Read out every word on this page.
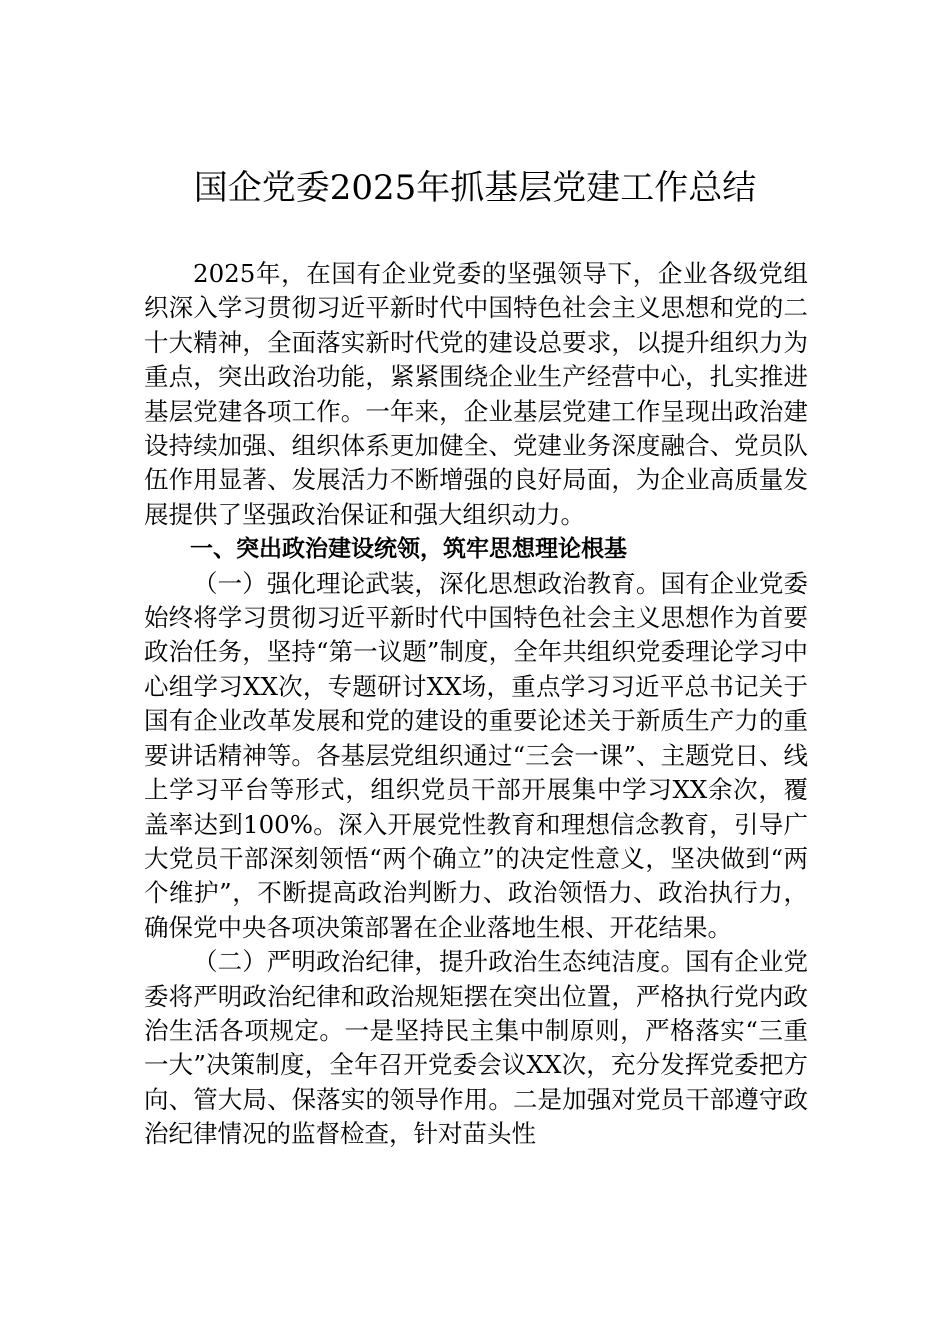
国企党委2025年抓基层党建工作总结

2025年，在国有企业党委的坚强领导下，企业各级党组织深入学习贯彻习近平新时代中国特色社会主义思想和党的二十大精神，全面落实新时代党的建设总要求，以提升组织力为重点，突出政治功能，紧紧围绕企业生产经营中心，扎实推进基层党建各项工作。一年来，企业基层党建工作呈现出政治建设持续加强、组织体系更加健全、党建业务深度融合、党员队伍作用显著、发展活力不断增强的良好局面，为企业高质量发展提供了坚强政治保证和强大组织动力。

一、突出政治建设统领，筑牢思想理论根基

（一）强化理论武装，深化思想政治教育。国有企业党委始终将学习贯彻习近平新时代中国特色社会主义思想作为首要政治任务，坚持“第一议题”制度，全年共组织党委理论学习中心组学习XX次，专题研讨XX场，重点学习习近平总书记关于国有企业改革发展和党的建设的重要论述关于新质生产力的重要讲话精神等。各基层党组织通过“三会一课”、主题党日、线上学习平台等形式，组织党员干部开展集中学习XX余次，覆盖率达到100%。深入开展党性教育和理想信念教育，引导广大党员干部深刻领悟“两个确立”的决定性意义，坚决做到“两个维护”，不断提高政治判断力、政治领悟力、政治执行力，确保党中央各项决策部署在企业落地生根、开花结果。

（二）严明政治纪律，提升政治生态纯洁度。国有企业党委将严明政治纪律和政治规矩摆在突出位置，严格执行党内政治生活各项规定。一是坚持民主集中制原则，严格落实“三重一大”决策制度，全年召开党委会议XX次，充分发挥党委把方向、管大局、保落实的领导作用。二是加强对党员干部遵守政治纪律情况的监督检查，针对苗头性
